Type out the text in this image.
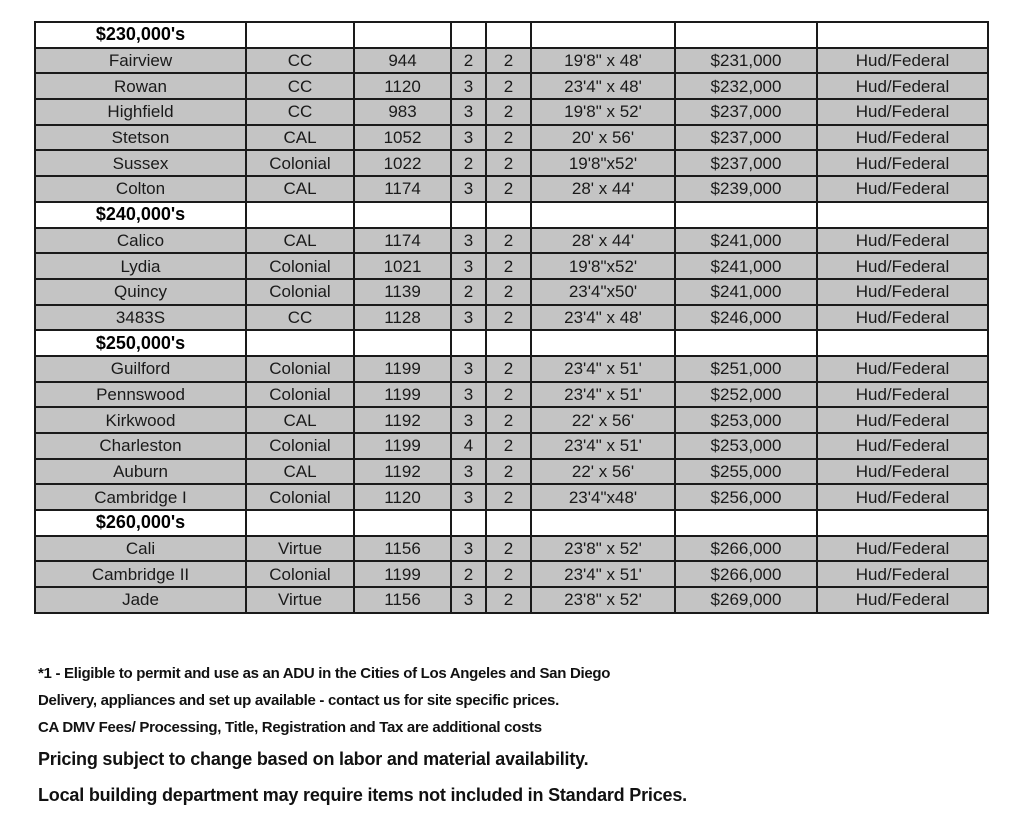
$230,000's							
Fairview	CC	944	2	2	19'8" x 48'	$231,000	Hud/Federal
Rowan	CC	1120	3	2	23'4" x 48'	$232,000	Hud/Federal
Highfield	CC	983	3	2	19'8" x 52'	$237,000	Hud/Federal
Stetson	CAL	1052	3	2	20' x 56'	$237,000	Hud/Federal
Sussex	Colonial	1022	2	2	19'8"x52'	$237,000	Hud/Federal
Colton	CAL	1174	3	2	28' x 44'	$239,000	Hud/Federal
$240,000's							
Calico	CAL	1174	3	2	28' x 44'	$241,000	Hud/Federal
Lydia	Colonial	1021	3	2	19'8"x52'	$241,000	Hud/Federal
Quincy	Colonial	1139	2	2	23'4"x50'	$241,000	Hud/Federal
3483S	CC	1128	3	2	23'4" x 48'	$246,000	Hud/Federal
$250,000's							
Guilford	Colonial	1199	3	2	23'4" x 51'	$251,000	Hud/Federal
Pennswood	Colonial	1199	3	2	23'4" x 51'	$252,000	Hud/Federal
Kirkwood	CAL	1192	3	2	22' x 56'	$253,000	Hud/Federal
Charleston	Colonial	1199	4	2	23'4" x 51'	$253,000	Hud/Federal
Auburn	CAL	1192	3	2	22' x 56'	$255,000	Hud/Federal
Cambridge I	Colonial	1120	3	2	23'4"x48'	$256,000	Hud/Federal
$260,000's							
Cali	Virtue	1156	3	2	23'8" x 52'	$266,000	Hud/Federal
Cambridge II	Colonial	1199	2	2	23'4" x 51'	$266,000	Hud/Federal
Jade	Virtue	1156	3	2	23'8" x 52'	$269,000	Hud/Federal
*1 - Eligible to permit and use as an ADU in the Cities of Los Angeles and San Diego
Delivery, appliances and set up available - contact us for site specific prices.
CA DMV Fees/ Processing, Title, Registration and Tax are additional costs
Pricing subject to change based on labor and material availability.
Local building department may require items not included in Standard Prices.
